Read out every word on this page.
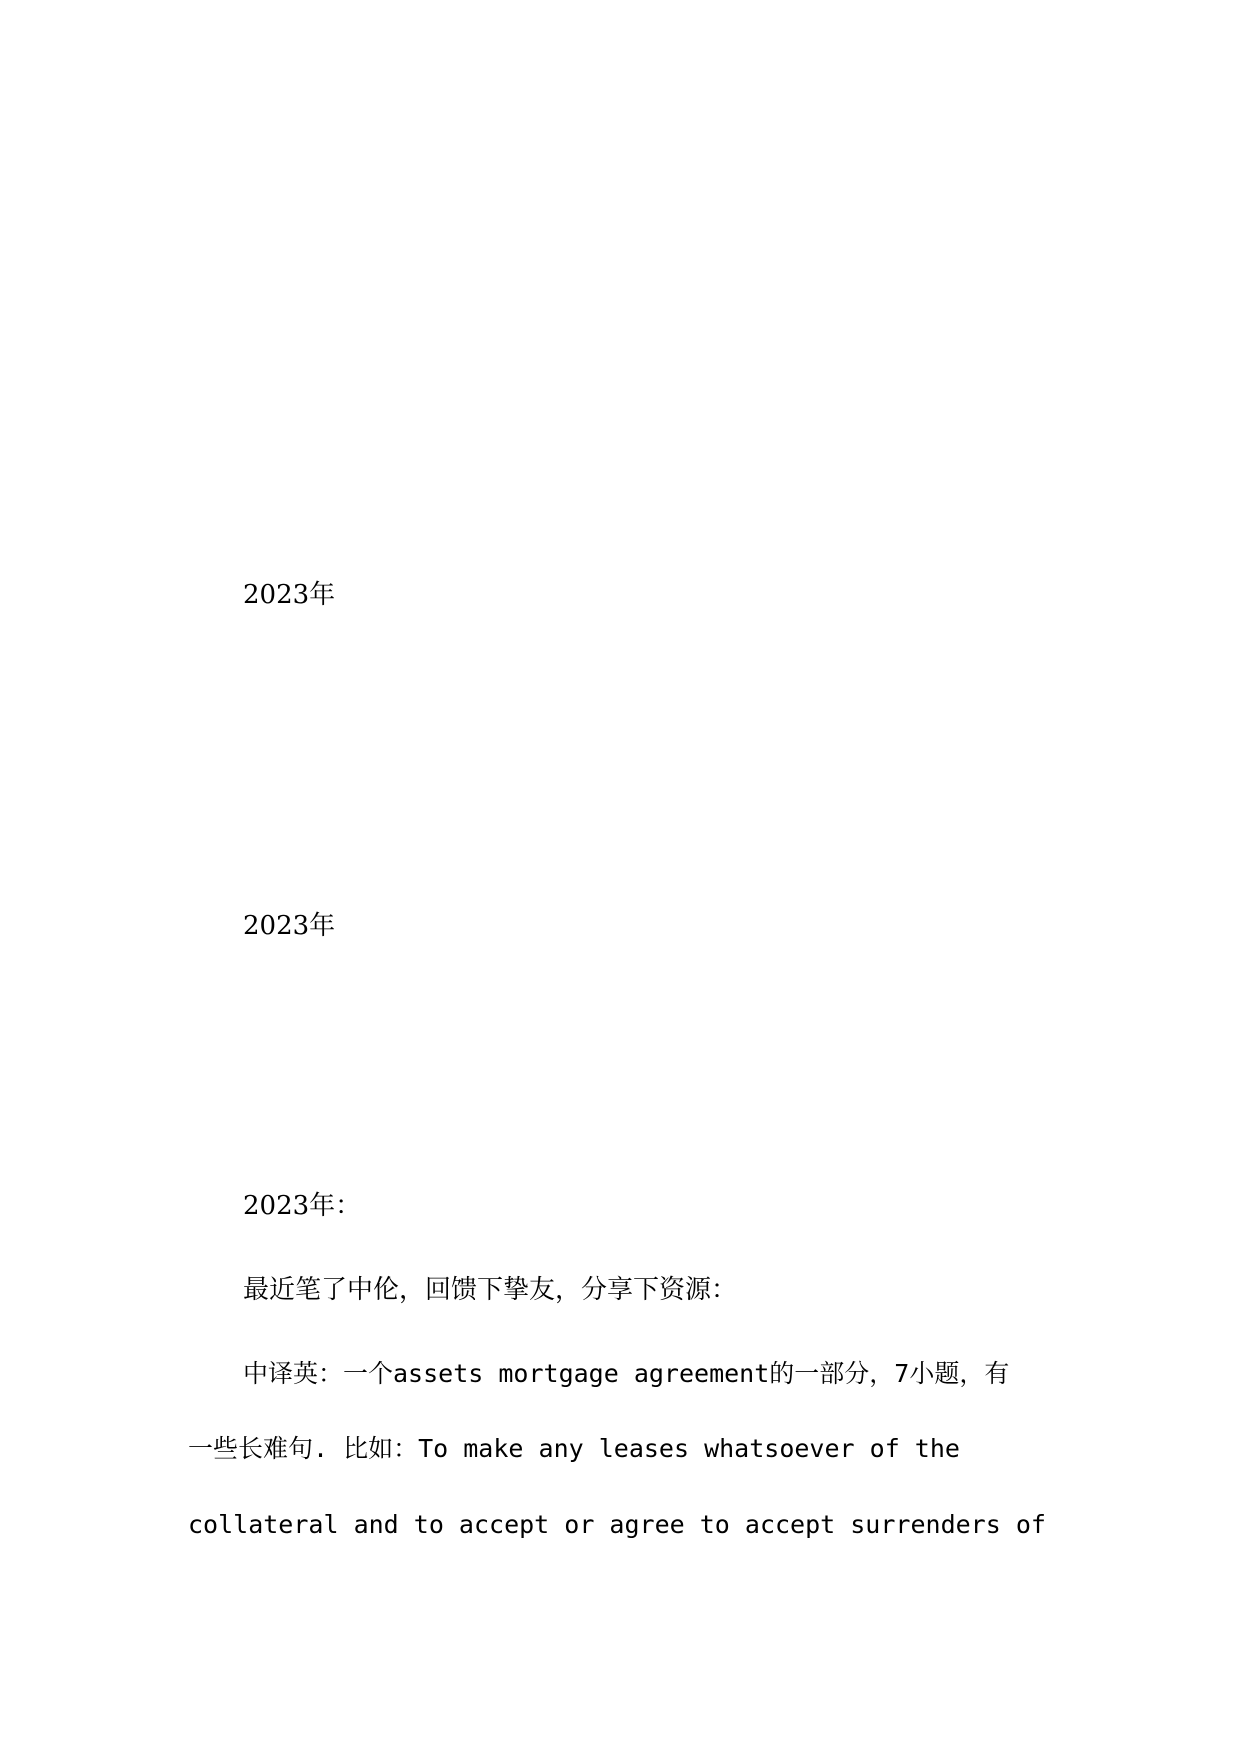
2023年
2023年
2023年：
最近笔了中伦，回馈下挚友，分享下资源：
中译英：一个assets mortgage agreement的一部分，7小题，有
一些长难句. 比如：To make any leases whatsoever of the
collateral and to accept or agree to accept surrenders of
